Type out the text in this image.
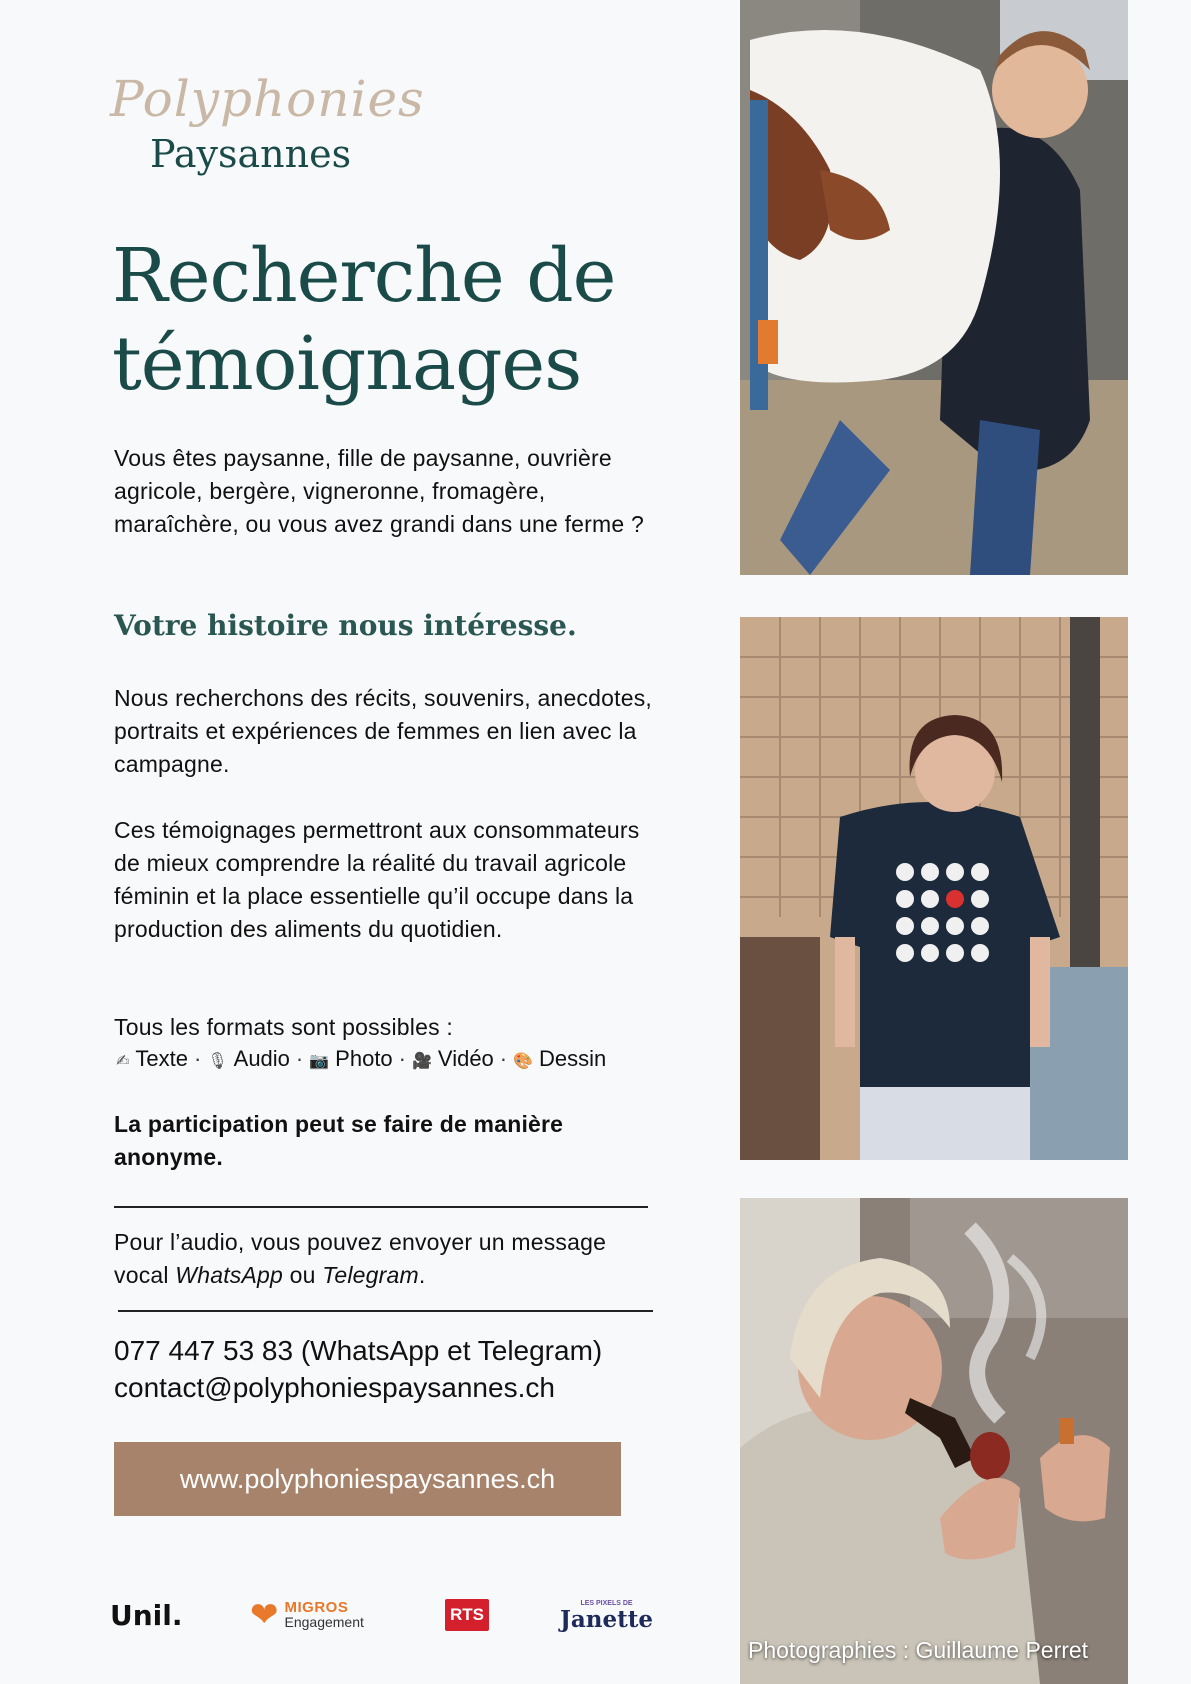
Polyphonies
Paysannes
Recherche de
témoignages
Vous êtes paysanne, fille de paysanne, ouvrière agricole, bergère, vigneronne, fromagère, maraîchère, ou vous avez grandi dans une ferme ?
Votre histoire nous intéresse.
Nous recherchons des récits, souvenirs, anecdotes, portraits et expériences de femmes en lien avec la campagne.
Ces témoignages permettront aux consommateurs de mieux comprendre la réalité du travail agricole féminin et la place essentielle qu’il occupe dans la production des aliments du quotidien.
Tous les formats sont possibles :
✍ Texte · 🎙 Audio · 📷 Photo · 🎥 Vidéo · 🎨 Dessin
La participation peut se faire de manière anonyme.
Pour l’audio, vous pouvez envoyer un message vocal WhatsApp ou Telegram.
077 447 53 83 (WhatsApp et Telegram)
contact@polyphoniespaysannes.ch
www.polyphoniespaysannes.ch
Unil. ❤ MIGROS
Engagement	RTS
LES PIXELS DE
Janette
Photographies : Guillaume Perret
